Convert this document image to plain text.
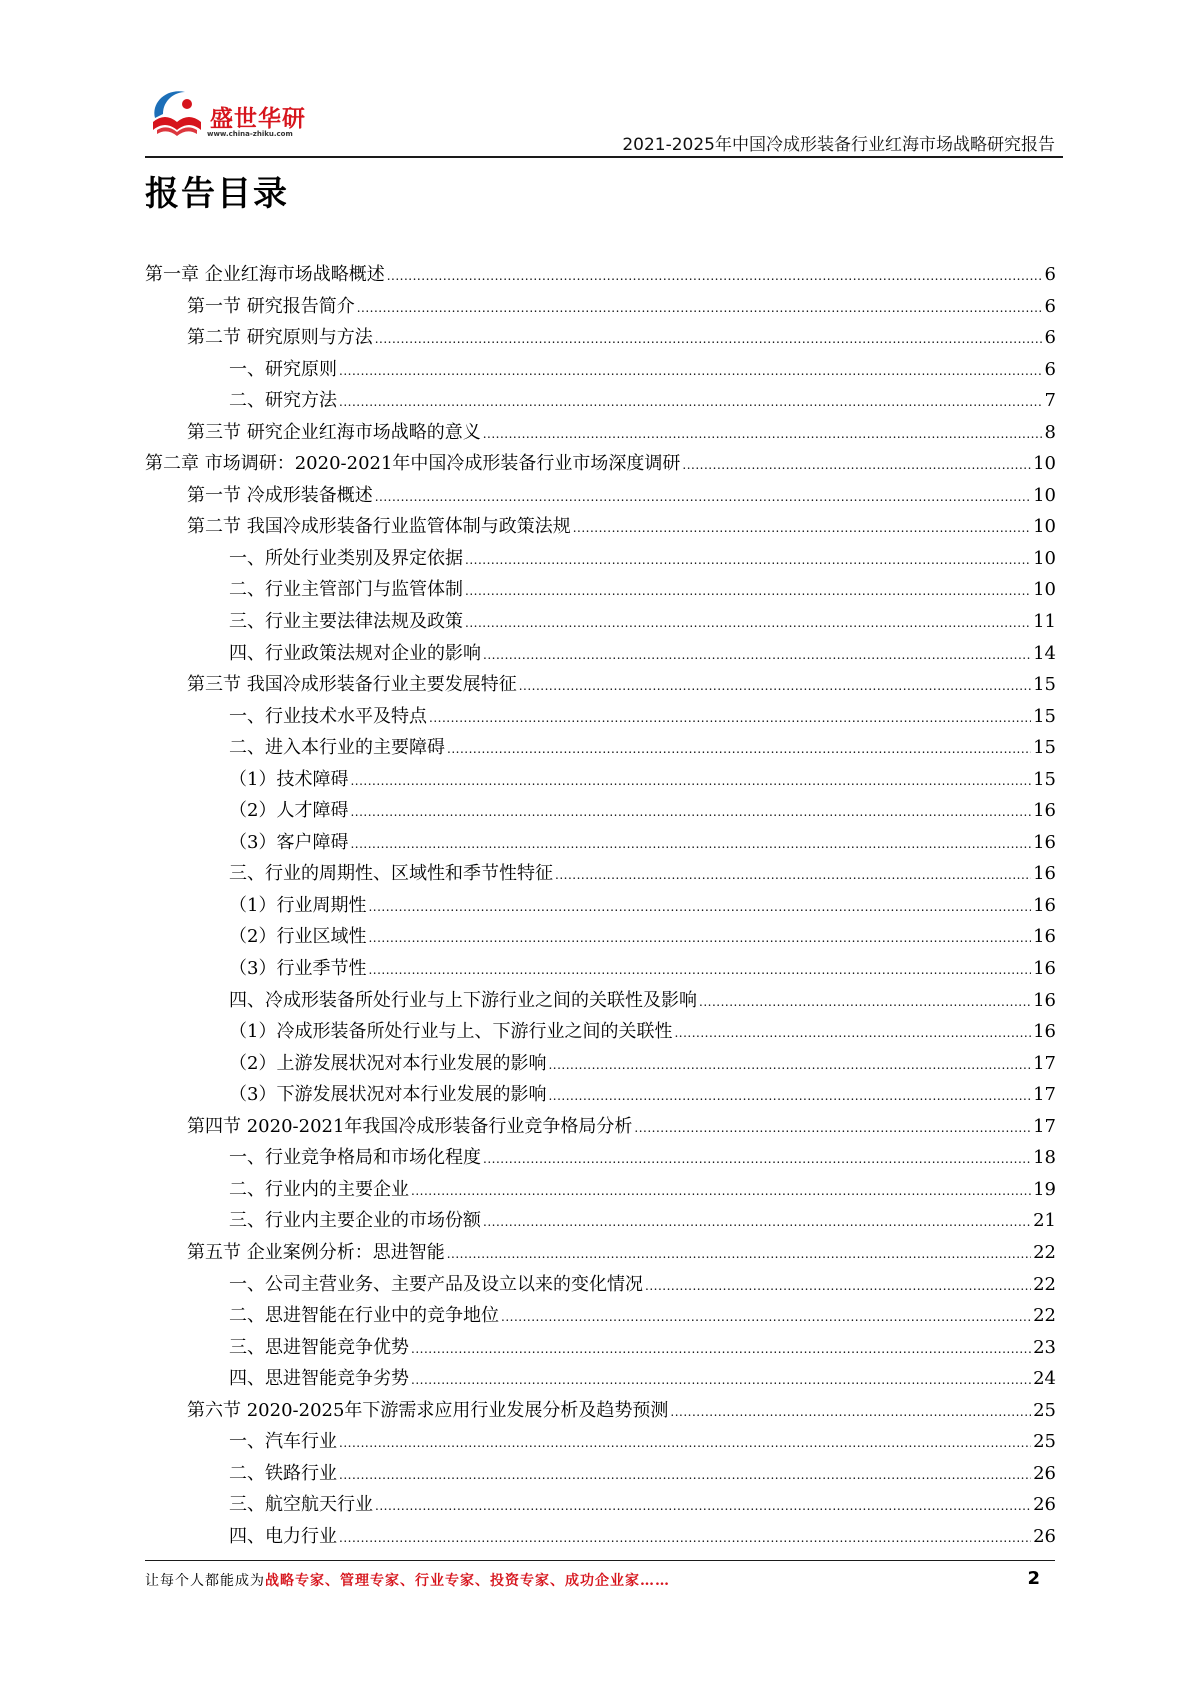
盛世华研
www.china-zhiku.com
2021-2025年中国冷成形装备行业红海市场战略研究报告
报告目录
第一章 企业红海市场战略概述 .....	6
第一节 研究报告简介 .....	6
第二节 研究原则与方法 .....	6
一、研究原则 .....	6
二、研究方法 .....	7
第三节 研究企业红海市场战略的意义 .....	8
第二章 市场调研：2020-2021年中国冷成形装备行业市场深度调研 .....	10
第一节 冷成形装备概述 .....	10
第二节 我国冷成形装备行业监管体制与政策法规 .....	10
一、所处行业类别及界定依据 .....	10
二、行业主管部门与监管体制 .....	10
三、行业主要法律法规及政策 .....	11
四、行业政策法规对企业的影响 .....	14
第三节 我国冷成形装备行业主要发展特征 .....	15
一、行业技术水平及特点 .....	15
二、进入本行业的主要障碍 .....	15
（1）技术障碍 .....	15
（2）人才障碍 .....	16
（3）客户障碍 .....	16
三、行业的周期性、区域性和季节性特征 .....	16
（1）行业周期性 .....	16
（2）行业区域性 .....	16
（3）行业季节性 .....	16
四、冷成形装备所处行业与上下游行业之间的关联性及影响 .....	16
（1）冷成形装备所处行业与上、下游行业之间的关联性 .....	16
（2）上游发展状况对本行业发展的影响 .....	17
（3）下游发展状况对本行业发展的影响 .....	17
第四节 2020-2021年我国冷成形装备行业竞争格局分析 .....	17
一、行业竞争格局和市场化程度 .....	18
二、行业内的主要企业 .....	19
三、行业内主要企业的市场份额 .....	21
第五节 企业案例分析：思进智能 .....	22
一、公司主营业务、主要产品及设立以来的变化情况 .....	22
二、思进智能在行业中的竞争地位 .....	22
三、思进智能竞争优势 .....	23
四、思进智能竞争劣势 .....	24
第六节 2020-2025年下游需求应用行业发展分析及趋势预测 .....	25
一、汽车行业 .....	25
二、铁路行业 .....	26
三、航空航天行业 .....	26
四、电力行业 .....	26
让每个人都能成为战略专家、管理专家、行业专家、投资专家、成功企业家……	2
